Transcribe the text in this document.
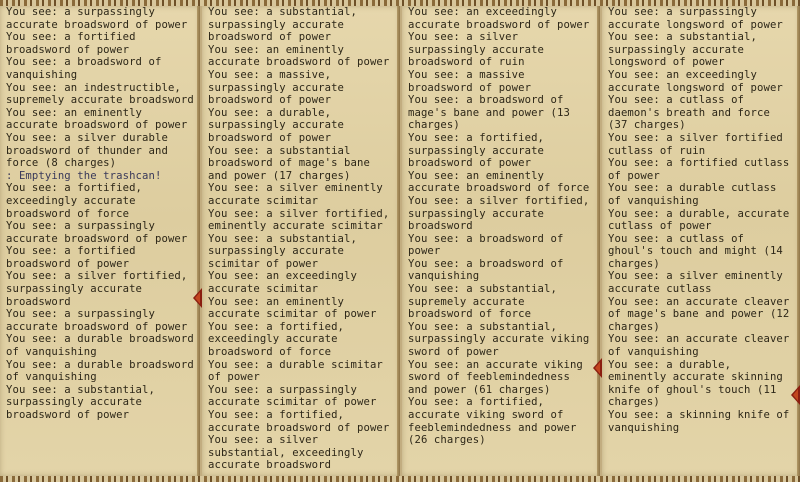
You see: a surpassingly accurate broadsword of power
You see: a fortified broadsword of power
You see: a broadsword of vanquishing
You see: an indestructible, supremely accurate broadsword
You see: an eminently accurate broadsword of power
You see: a silver durable broadsword of thunder and force (8 charges)
: Emptying the trashcan!
You see: a fortified, exceedingly accurate broadsword of force
You see: a surpassingly accurate broadsword of power
You see: a fortified broadsword of power
You see: a silver fortified, surpassingly accurate broadsword
You see: a surpassingly accurate broadsword of power
You see: a durable broadsword of vanquishing
You see: a durable broadsword of vanquishing
You see: a substantial, surpassingly accurate broadsword of power
You see: a substantial, surpassingly accurate broadsword of power
You see: an eminently accurate broadsword of power
You see: a massive, surpassingly accurate broadsword of power
You see: a durable, surpassingly accurate broadsword of power
You see: a substantial broadsword of mage's bane and power (17 charges)
You see: a silver eminently accurate scimitar
You see: a silver fortified, eminently accurate scimitar
You see: a substantial, surpassingly accurate scimitar of power
You see: an exceedingly accurate scimitar
You see: an eminently accurate scimitar of power
You see: a fortified, exceedingly accurate broadsword of force
You see: a durable scimitar of power
You see: a surpassingly accurate scimitar of power
You see: a fortified, accurate broadsword of power
You see: a silver substantial, exceedingly accurate broadsword
You see: an exceedingly accurate broadsword of power
You see: a silver surpassingly accurate broadsword of ruin
You see: a massive broadsword of power
You see: a broadsword of mage's bane and power (13 charges)
You see: a fortified, surpassingly accurate broadsword of power
You see: an eminently accurate broadsword of force
You see: a silver fortified, surpassingly accurate broadsword
You see: a broadsword of power
You see: a broadsword of vanquishing
You see: a substantial, supremely accurate broadsword of force
You see: a substantial, surpassingly accurate viking sword of power
You see: an accurate viking sword of feeblemindedness and power (61 charges)
You see: a fortified, accurate viking sword of feeblemindedness and power (26 charges)
You see: a surpassingly accurate longsword of power
You see: a substantial, surpassingly accurate longsword of power
You see: an exceedingly accurate longsword of power
You see: a cutlass of daemon's breath and force (37 charges)
You see: a silver fortified cutlass of ruin
You see: a fortified cutlass of power
You see: a durable cutlass of vanquishing
You see: a durable, accurate cutlass of power
You see: a cutlass of ghoul's touch and might (14 charges)
You see: a silver eminently accurate cutlass
You see: an accurate cleaver of mage's bane and power (12 charges)
You see: an accurate cleaver of vanquishing
You see: a durable, eminently accurate skinning knife of ghoul's touch (11 charges)
You see: a skinning knife of vanquishing
